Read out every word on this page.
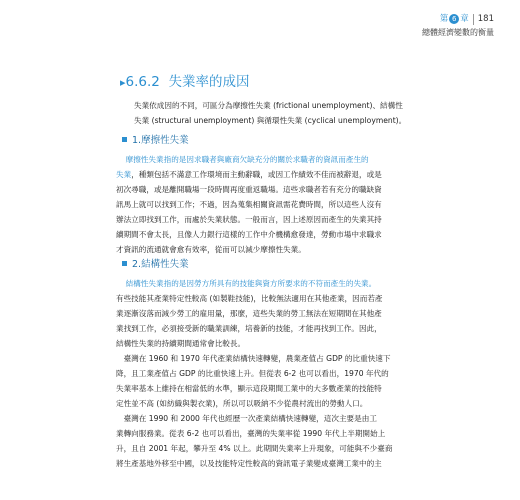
第 6 章 181
總體經濟變數的衡量
▸6.6.2 失業率的成因
失業依成因的不同，可區分為摩擦性失業 (frictional unemployment)、結構性
失業 (structural unemployment) 與循環性失業 (cyclical unemployment)。
1.摩擦性失業
摩擦性失業指的是因求職者與廠商欠缺充分的關於求職者的資訊而產生的
失業，種類包括不滿意工作環境而主動辭職，或因工作績效不佳而被辭退，或是
初次尋職，或是離開職場一段時間再度重返職場。這些求職者若有充分的職缺資
訊馬上就可以找到工作；不過，因為蒐集相關資訊需花費時間，所以這些人沒有
辦法立即找到工作，而處於失業狀態。一般而言，因上述原因而產生的失業其持
續期間不會太長，且像人力銀行這樣的工作中介機構愈發達，勞動市場中求職求
才資訊的流通就會愈有效率，從而可以減少摩擦性失業。
2.結構性失業
結構性失業指的是因勞方所具有的技能與資方所要求的不符而產生的失業。
有些技能其產業特定性較高 (如製鞋技能)，比較無法適用在其他產業，因而若產
業逐漸沒落而減少勞工的雇用量，那麼，這些失業的勞工無法在短期間在其他產
業找到工作，必須接受新的職業訓練，培養新的技能，才能再找到工作。因此，
結構性失業的持續期間通常會比較長。
　臺灣在 1960 和 1970 年代產業結構快速轉變，農業產值占 GDP 的比重快速下
降，且工業產值占 GDP 的比重快速上升。但從表 6-2 也可以看出，1970 年代的
失業率基本上維持在相當低的水準，顯示這段期間工業中的大多數產業的技能特
定性並不高 (如紡織與製衣業)，所以可以吸納不少從農村流出的勞動人口。
　臺灣在 1990 和 2000 年代也經歷一次產業結構快速轉變，這次主要是由工
業轉向服務業。從表 6-2 也可以看出，臺灣的失業率從 1990 年代上半期開始上
升，且自 2001 年起，攀升至 4% 以上。此期間失業率上升現象，可能與不少臺商
將生產基地外移至中國，以及技能特定性較高的資訊電子業變成臺灣工業中的主
